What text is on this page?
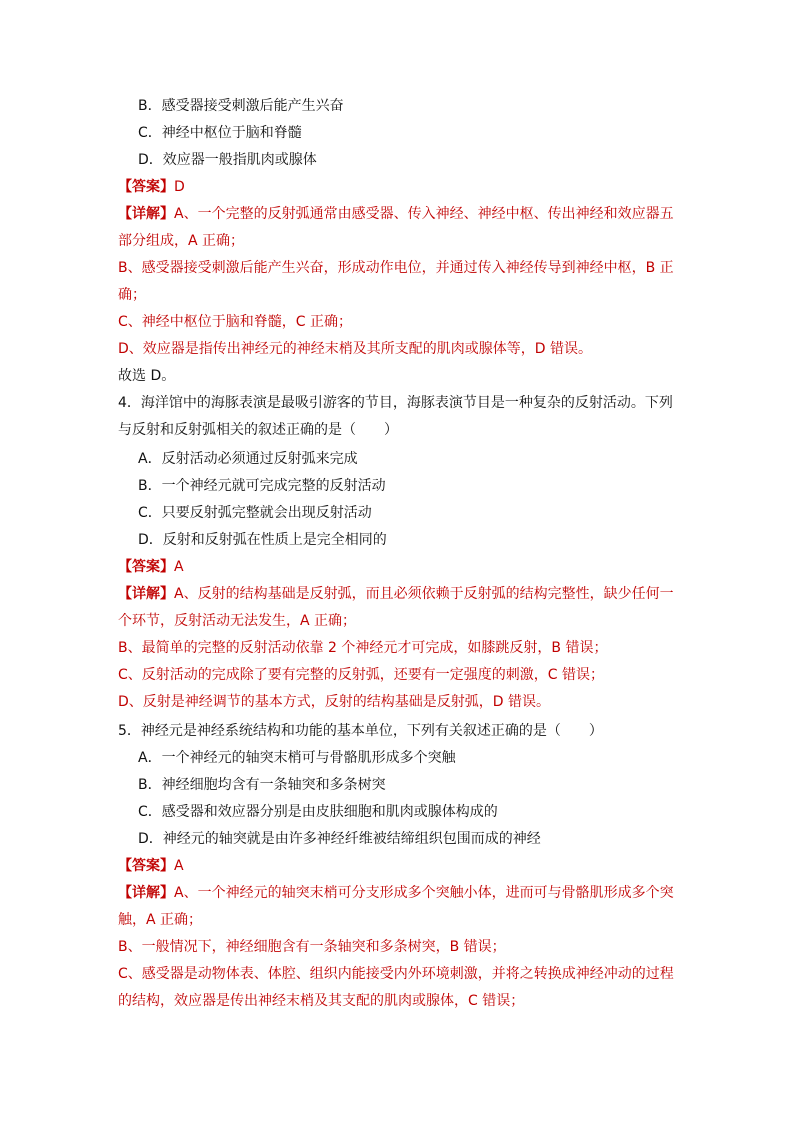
B．感受器接受刺激后能产生兴奋
C．神经中枢位于脑和脊髓
D．效应器一般指肌肉或腺体
【答案】D
【详解】A、一个完整的反射弧通常由感受器、传入神经、神经中枢、传出神经和效应器五
部分组成，A 正确；
B、感受器接受刺激后能产生兴奋，形成动作电位，并通过传入神经传导到神经中枢，B 正
确；
C、神经中枢位于脑和脊髓，C 正确；
D、效应器是指传出神经元的神经末梢及其所支配的肌肉或腺体等，D 错误。
故选 D。
4．海洋馆中的海豚表演是最吸引游客的节目，海豚表演节目是一种复杂的反射活动。下列
与反射和反射弧相关的叙述正确的是（　　）
A．反射活动必须通过反射弧来完成
B．一个神经元就可完成完整的反射活动
C．只要反射弧完整就会出现反射活动
D．反射和反射弧在性质上是完全相同的
【答案】A
【详解】A、反射的结构基础是反射弧，而且必须依赖于反射弧的结构完整性，缺少任何一
个环节，反射活动无法发生，A 正确；
B、最简单的完整的反射活动依靠 2 个神经元才可完成，如膝跳反射，B 错误；
C、反射活动的完成除了要有完整的反射弧，还要有一定强度的刺激，C 错误；
D、反射是神经调节的基本方式，反射的结构基础是反射弧，D 错误。
5．神经元是神经系统结构和功能的基本单位，下列有关叙述正确的是（　　）
A．一个神经元的轴突末梢可与骨骼肌形成多个突触
B．神经细胞均含有一条轴突和多条树突
C．感受器和效应器分别是由皮肤细胞和肌肉或腺体构成的
D．神经元的轴突就是由许多神经纤维被结缔组织包围而成的神经
【答案】A
【详解】A、一个神经元的轴突末梢可分支形成多个突触小体，进而可与骨骼肌形成多个突
触，A 正确；
B、一般情况下，神经细胞含有一条轴突和多条树突，B 错误；
C、感受器是动物体表、体腔、组织内能接受内外环境刺激，并将之转换成神经冲动的过程
的结构，效应器是传出神经末梢及其支配的肌肉或腺体，C 错误；
